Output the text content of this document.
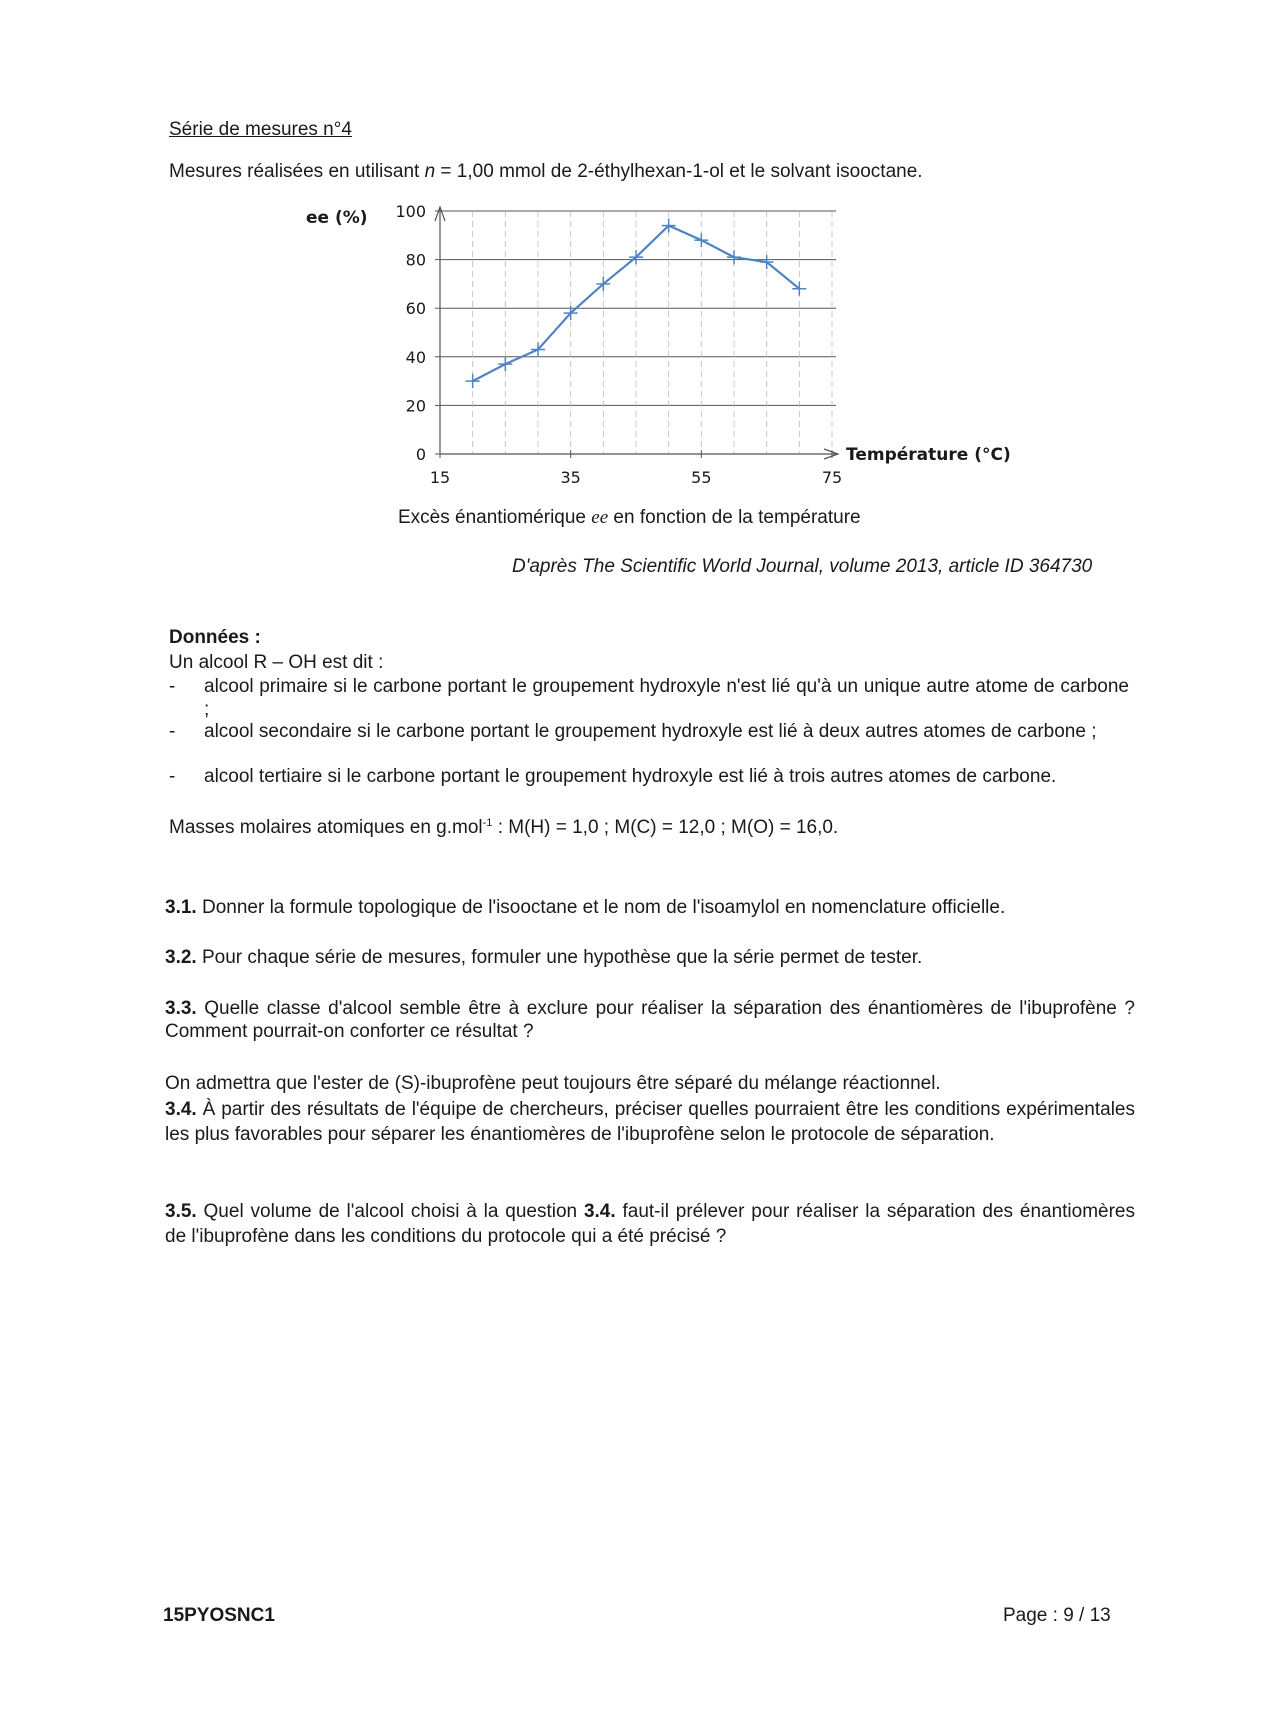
Série de mesures n°4
Mesures réalisées en utilisant n = 1,00 mmol de 2-éthylhexan-1-ol et le solvant isooctane.
0
20
40
60
80
100
15	35	55	75
ee (%)
Température (°C)
Excès énantiomérique ee en fonction de la température
D'après The Scientific World Journal, volume 2013, article ID 364730
Données :
Un alcool R – OH est dit :
- alcool primaire si le carbone portant le groupement hydroxyle n'est lié qu'à un unique autre atome de carbone ;
- alcool secondaire si le carbone portant le groupement hydroxyle est lié à deux autres atomes de carbone ;
- alcool tertiaire si le carbone portant le groupement hydroxyle est lié à trois autres atomes de carbone.
Masses molaires atomiques en g.mol$^{-1}$ : M(H) = 1,0 ; M(C) = 12,0 ; M(O) = 16,0.
3.1. Donner la formule topologique de l'isooctane et le nom de l'isoamylol en nomenclature officielle.
3.2. Pour chaque série de mesures, formuler une hypothèse que la série permet de tester.
3.3. Quelle classe d'alcool semble être à exclure pour réaliser la séparation des énantiomères de l'ibuprofène ? Comment pourrait-on conforter ce résultat ?
On admettra que l'ester de (S)-ibuprofène peut toujours être séparé du mélange réactionnel.
3.4. À partir des résultats de l'équipe de chercheurs, préciser quelles pourraient être les conditions expérimentales les plus favorables pour séparer les énantiomères de l'ibuprofène selon le protocole de séparation.
3.5. Quel volume de l'alcool choisi à la question 3.4. faut-il prélever pour réaliser la séparation des énantiomères de l'ibuprofène dans les conditions du protocole qui a été précisé ?
15PYOSNC1	Page : 9 / 13
